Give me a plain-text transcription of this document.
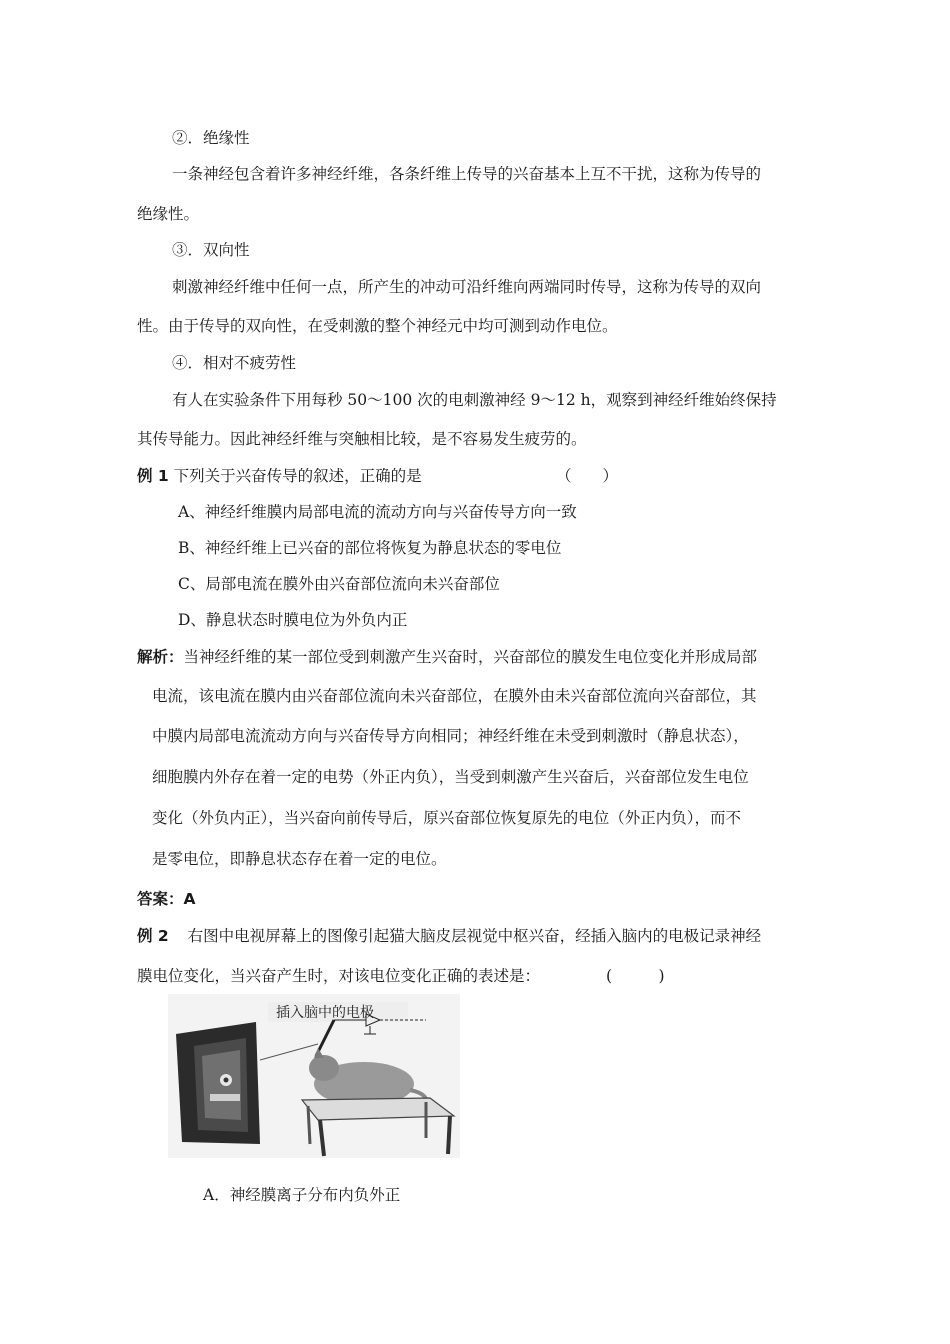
②．绝缘性
一条神经包含着许多神经纤维，各条纤维上传导的兴奋基本上互不干扰，这称为传导的
绝缘性。
③．双向性
刺激神经纤维中任何一点，所产生的冲动可沿纤维向两端同时传导，这称为传导的双向
性。由于传导的双向性，在受刺激的整个神经元中均可测到动作电位。
④．相对不疲劳性
有人在实验条件下用每秒 50～100 次的电刺激神经 9～12 h，观察到神经纤维始终保持
其传导能力。因此神经纤维与突触相比较，是不容易发生疲劳的。
例 1 下列关于兴奋传导的叙述，正确的是	（　　）
A、神经纤维膜内局部电流的流动方向与兴奋传导方向一致
B、神经纤维上已兴奋的部位将恢复为静息状态的零电位
C、局部电流在膜外由兴奋部位流向未兴奋部位
D、静息状态时膜电位为外负内正
解析：当神经纤维的某一部位受到刺激产生兴奋时，兴奋部位的膜发生电位变化并形成局部
电流，该电流在膜内由兴奋部位流向未兴奋部位，在膜外由未兴奋部位流向兴奋部位，其
中膜内局部电流流动方向与兴奋传导方向相同；神经纤维在未受到刺激时（静息状态），
细胞膜内外存在着一定的电势（外正内负），当受到刺激产生兴奋后，兴奋部位发生电位
变化（外负内正），当兴奋向前传导后，原兴奋部位恢复原先的电位（外正内负），而不
是零电位，即静息状态存在着一定的电位。
答案：A
例 2 右图中电视屏幕上的图像引起猫大脑皮层视觉中枢兴奋，经插入脑内的电极记录神经
膜电位变化，当兴奋产生时，对该电位变化正确的表述是：	(　　　)
插入脑中的电极
A．神经膜离子分布内负外正
